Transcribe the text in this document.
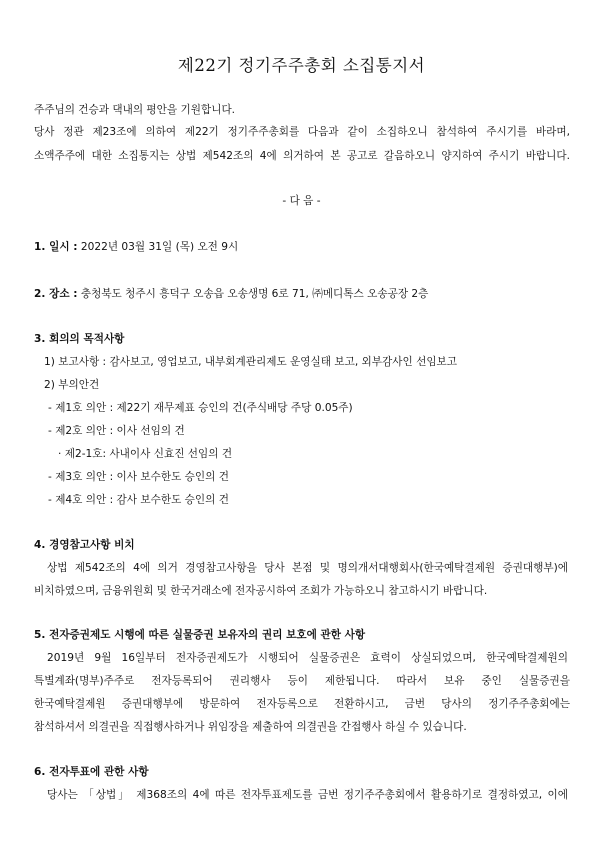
제22기 정기주주총회 소집통지서
주주님의 건승과 댁내의 평안을 기원합니다.
당사 정관 제23조에 의하여 제22기 정기주주총회를 다음과 같이 소집하오니 참석하여 주시기를 바라며,
소액주주에 대한 소집통지는 상법 제542조의 4에 의거하여 본 공고로 갈음하오니 양지하여 주시기 바랍니다.
- 다 음 -
1. 일시 : 2022년 03월 31일 (목) 오전 9시
2. 장소 : 충청북도 청주시 흥덕구 오송읍 오송생명 6로 71, ㈜메디톡스 오송공장 2층
3. 회의의 목적사항
1) 보고사항 : 감사보고, 영업보고, 내부회계관리제도 운영실태 보고, 외부감사인 선임보고
2) 부의안건
- 제1호 의안 : 제22기 재무제표 승인의 건(주식배당 주당 0.05주)
- 제2호 의안 : 이사 선임의 건
· 제2-1호: 사내이사 신효진 선임의 건
- 제3호 의안 : 이사 보수한도 승인의 건
- 제4호 의안 : 감사 보수한도 승인의 건
4. 경영참고사항 비치
상법 제542조의 4에 의거 경영참고사항을 당사 본점 및 명의개서대행회사(한국예탁결제원 증권대행부)에
비치하였으며, 금융위원회 및 한국거래소에 전자공시하여 조회가 가능하오니 참고하시기 바랍니다.
5. 전자증권제도 시행에 따른 실물증권 보유자의 권리 보호에 관한 사항
2019년 9월 16일부터 전자증권제도가 시행되어 실물증권은 효력이 상실되었으며, 한국예탁결제원의
특별계좌(명부)주주로 전자등록되어 권리행사 등이 제한됩니다. 따라서 보유 중인 실물증권을
한국예탁결제원 증권대행부에 방문하여 전자등록으로 전환하시고, 금번 당사의 정기주주총회에는
참석하셔서 의결권을 직접행사하거나 위임장을 제출하여 의결권을 간접행사 하실 수 있습니다.
6. 전자투표에 관한 사항
당사는 「상법」 제368조의 4에 따른 전자투표제도를 금번 정기주주총회에서 활용하기로 결정하였고, 이에
